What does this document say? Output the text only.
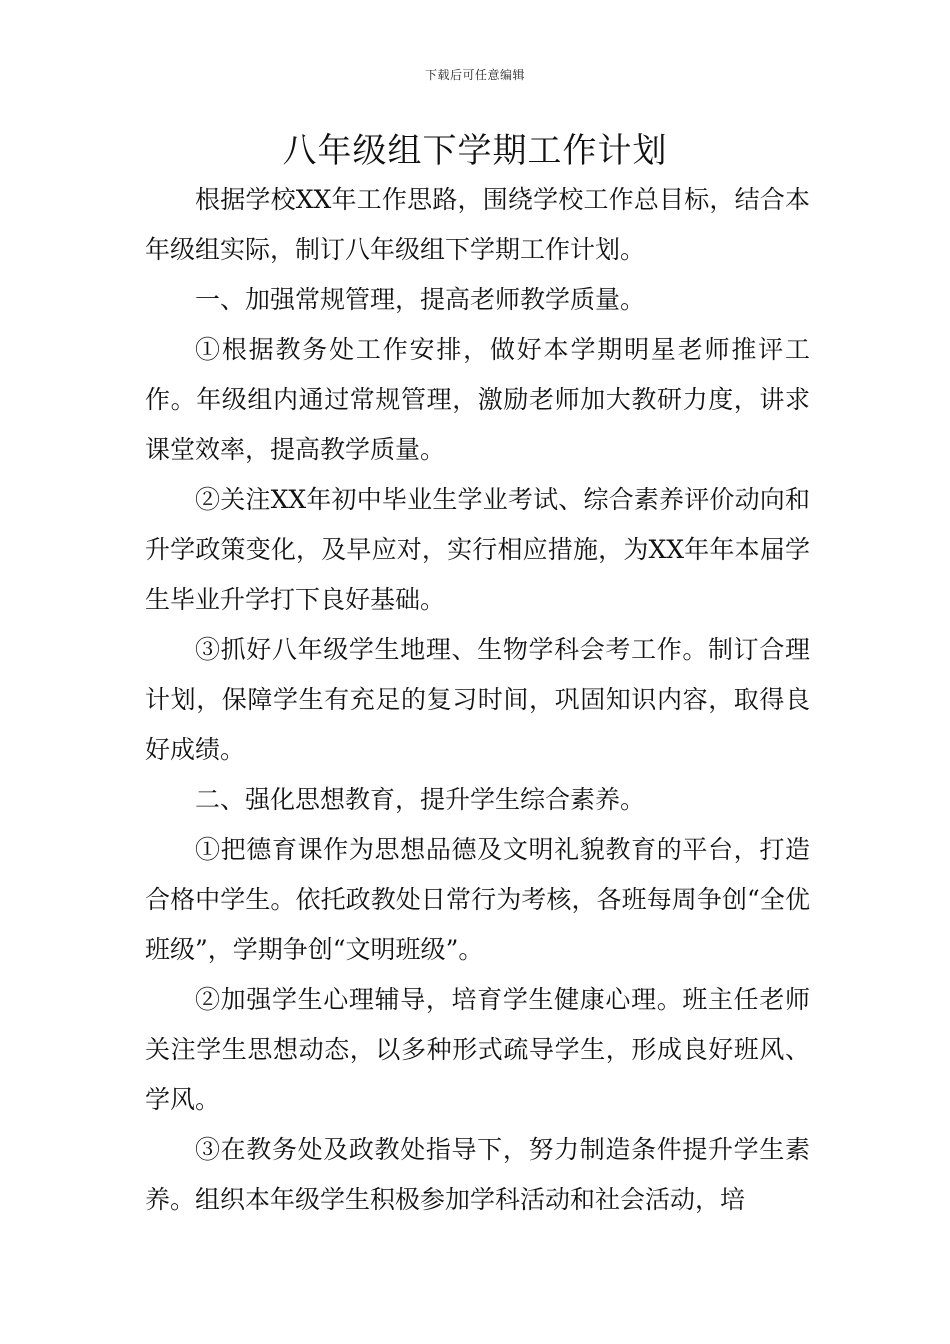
下载后可任意编辑
八年级组下学期工作计划

根据学校XX年工作思路，围绕学校工作总目标，结合本年级组实际，制订八年级组下学期工作计划。

一、加强常规管理，提高老师教学质量。

①根据教务处工作安排，做好本学期明星老师推评工作。年级组内通过常规管理，激励老师加大教研力度，讲求课堂效率，提高教学质量。

②关注XX年初中毕业生学业考试、综合素养评价动向和升学政策变化，及早应对，实行相应措施，为XX年年本届学生毕业升学打下良好基础。

③抓好八年级学生地理、生物学科会考工作。制订合理计划，保障学生有充足的复习时间，巩固知识内容，取得良好成绩。

二、强化思想教育，提升学生综合素养。

①把德育课作为思想品德及文明礼貌教育的平台，打造合格中学生。依托政教处日常行为考核，各班每周争创“全优班级”，学期争创“文明班级”。

②加强学生心理辅导，培育学生健康心理。班主任老师关注学生思想动态，以多种形式疏导学生，形成良好班风、学风。

③在教务处及政教处指导下，努力制造条件提升学生素养。组织本年级学生积极参加学科活动和社会活动，培
